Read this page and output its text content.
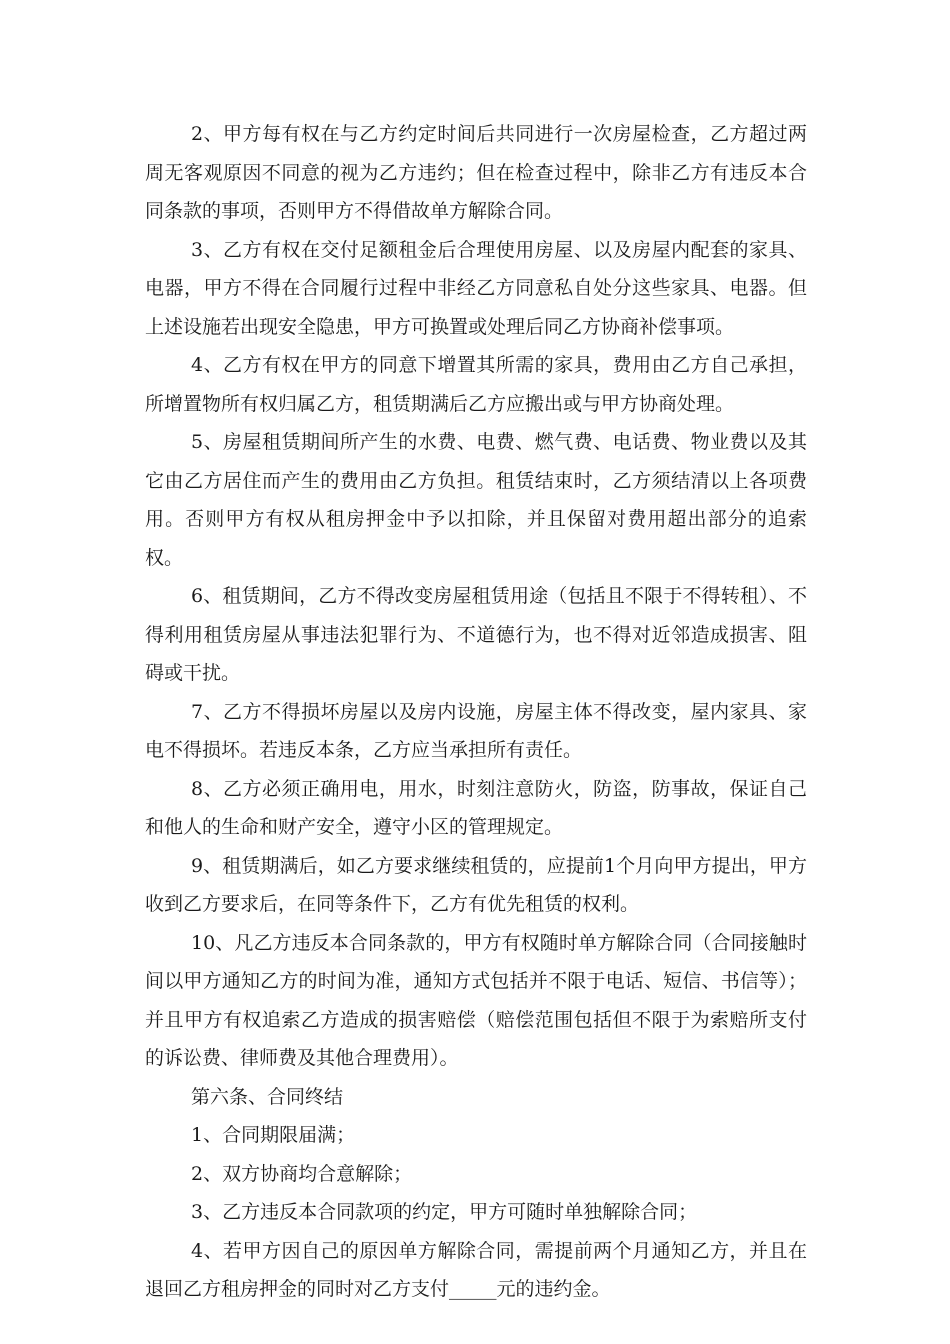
2、甲方每有权在与乙方约定时间后共同进行一次房屋检查，乙方超过两周无客观原因不同意的视为乙方违约；但在检查过程中，除非乙方有违反本合同条款的事项，否则甲方不得借故单方解除合同。

3、乙方有权在交付足额租金后合理使用房屋、以及房屋内配套的家具、电器，甲方不得在合同履行过程中非经乙方同意私自处分这些家具、电器。但上述设施若出现安全隐患，甲方可换置或处理后同乙方协商补偿事项。

4、乙方有权在甲方的同意下增置其所需的家具，费用由乙方自己承担，所增置物所有权归属乙方，租赁期满后乙方应搬出或与甲方协商处理。

5、房屋租赁期间所产生的水费、电费、燃气费、电话费、物业费以及其它由乙方居住而产生的费用由乙方负担。租赁结束时，乙方须结清以上各项费用。否则甲方有权从租房押金中予以扣除，并且保留对费用超出部分的追索权。

6、租赁期间，乙方不得改变房屋租赁用途（包括且不限于不得转租）、不得利用租赁房屋从事违法犯罪行为、不道德行为，也不得对近邻造成损害、阻碍或干扰。

7、乙方不得损坏房屋以及房内设施，房屋主体不得改变，屋内家具、家电不得损坏。若违反本条，乙方应当承担所有责任。

8、乙方必须正确用电，用水，时刻注意防火，防盗，防事故，保证自己和他人的生命和财产安全，遵守小区的管理规定。

9、租赁期满后，如乙方要求继续租赁的，应提前1个月向甲方提出，甲方收到乙方要求后，在同等条件下，乙方有优先租赁的权利。

10、凡乙方违反本合同条款的，甲方有权随时单方解除合同（合同接触时间以甲方通知乙方的时间为准，通知方式包括并不限于电话、短信、书信等）；并且甲方有权追索乙方造成的损害赔偿（赔偿范围包括但不限于为索赔所支付的诉讼费、律师费及其他合理费用）。

第六条、合同终结

1、合同期限届满；

2、双方协商均合意解除；

3、乙方违反本合同款项的约定，甲方可随时单独解除合同；

4、若甲方因自己的原因单方解除合同，需提前两个月通知乙方，并且在退回乙方租房押金的同时对乙方支付_____元的违约金。
